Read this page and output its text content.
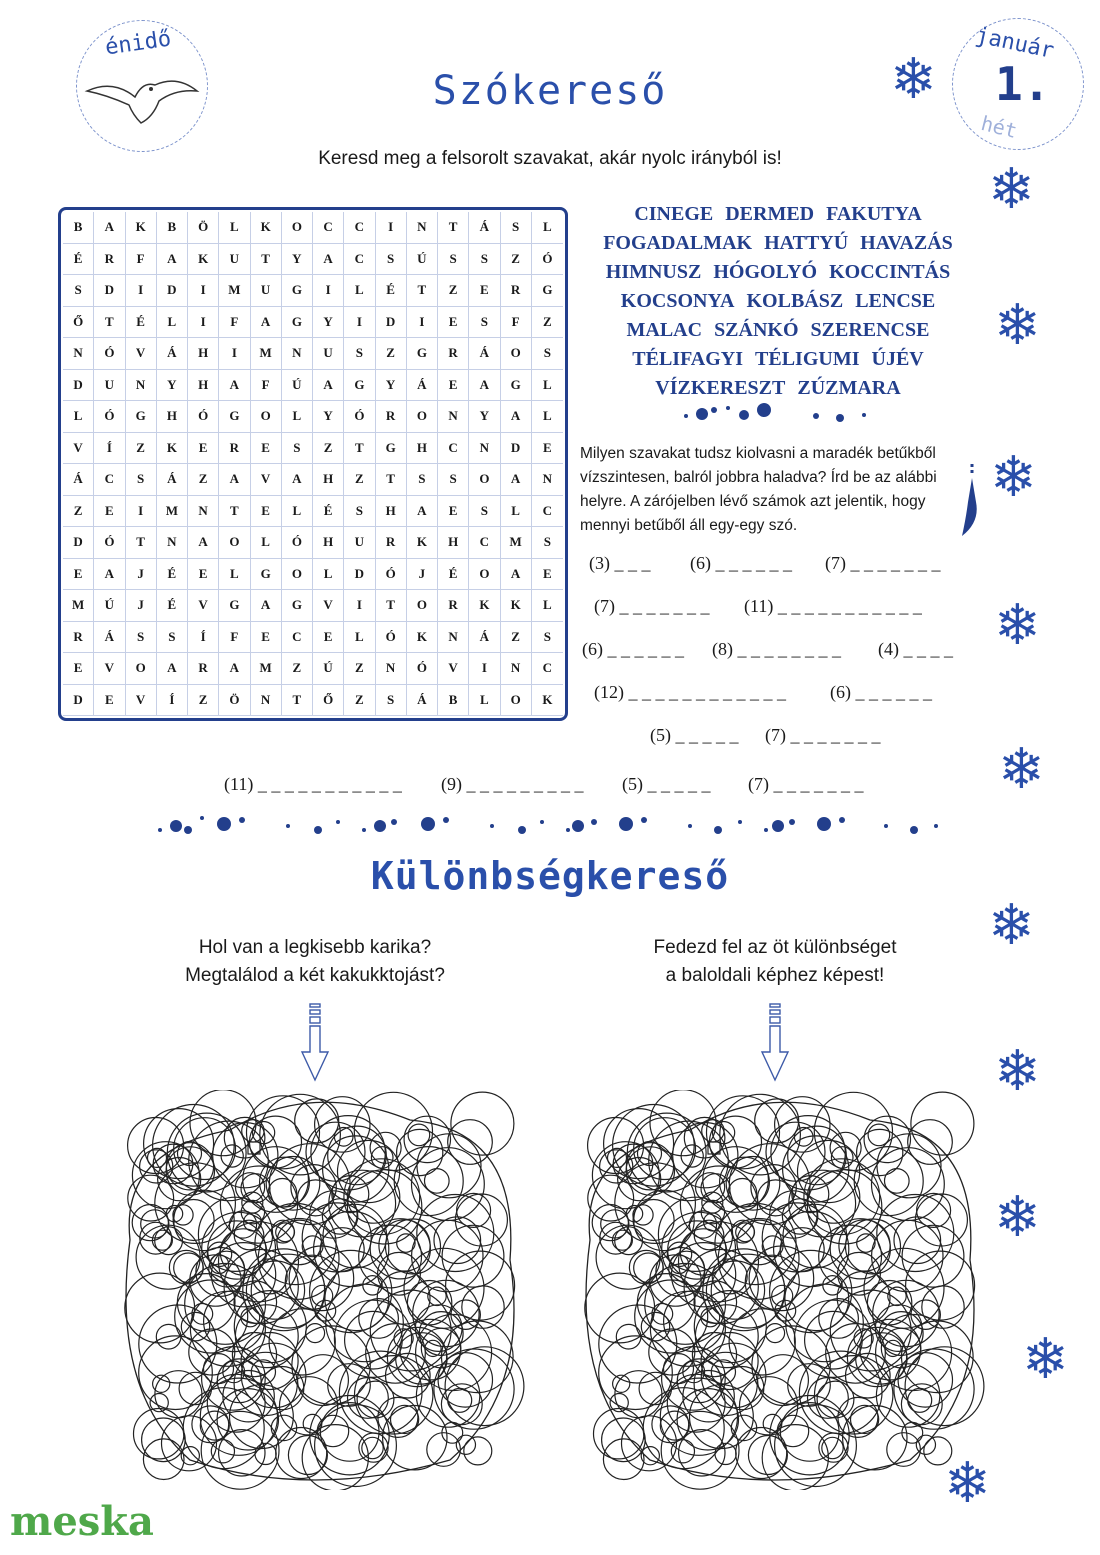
énidő
Szókereső
január
1.
hét
Keresd meg a felsorolt szavakat, akár nyolc irányból is!
B	A	K	B	Ö	L	K	O	C	C	I	N	T	Á	S	L
É	R	F	A	K	U	T	Y	A	C	S	Ú	S	S	Z	Ó
S	D	I	D	I	M	U	G	I	L	É	T	Z	E	R	G
Ő	T	É	L	I	F	A	G	Y	I	D	I	E	S	F	Z
N	Ó	V	Á	H	I	M	N	U	S	Z	G	R	Á	O	S
D	U	N	Y	H	A	F	Ú	A	G	Y	Á	E	A	G	L
L	Ó	G	H	Ó	G	O	L	Y	Ó	R	O	N	Y	A	L
V	Í	Z	K	E	R	E	S	Z	T	G	H	C	N	D	E
Á	C	S	Á	Z	A	V	A	H	Z	T	S	S	O	A	N
Z	E	I	M	N	T	E	L	É	S	H	A	E	S	L	C
D	Ó	T	N	A	O	L	Ó	H	U	R	K	H	C	M	S
E	A	J	É	E	L	G	O	L	D	Ó	J	É	O	A	E
M	Ú	J	É	V	G	A	G	V	I	T	O	R	K	K	L
R	Á	S	S	Í	F	E	C	E	L	Ó	K	N	Á	Z	S
E	V	O	A	R	A	M	Z	Ú	Z	N	Ó	V	I	N	C
D	E	V	Í	Z	Ö	N	T	Ő	Z	S	Á	B	L	O	K
CINEGE DERMED FAKUTYA
FOGADALMAK HATTYÚ HAVAZÁS
HIMNUSZ HÓGOLYÓ KOCCINTÁS
KOCSONYA KOLBÁSZ LENCSE
MALAC SZÁNKÓ SZERENCSE
TÉLIFAGYI TÉLIGUMI ÚJÉV
VÍZKERESZT ZÚZMARA
Milyen szavakat tudsz kiolvasni a maradék betűkből vízszintesen, balról jobbra haladva? Írd be az alábbi helyre. A zárójelben lévő számok azt jelentik, hogy mennyi betűből áll egy-egy szó.
(3) _ _ _ (6) _ _ _ _ _ _ (7) _ _ _ _ _ _ _
(7) _ _ _ _ _ _ _ (11) _ _ _ _ _ _ _ _ _ _ _
(6) _ _ _ _ _ _ (8) _ _ _ _ _ _ _ _ (4) _ _ _ _
(12) _ _ _ _ _ _ _ _ _ _ _ _ (6) _ _ _ _ _ _
(5) _ _ _ _ _ (7) _ _ _ _ _ _ _
(11) _ _ _ _ _ _ _ _ _ _ _ (9) _ _ _ _ _ _ _ _ _ (5) _ _ _ _ _ (7) _ _ _ _ _ _ _
Különbségkereső
Hol van a legkisebb karika?
Megtalálod a két kakukktojást?
Fedezd fel az öt különbséget
a baloldali képhez képest!
❄
❄
❄
❄
❄
❄
❄
❄
❄
❄
❄
meska
